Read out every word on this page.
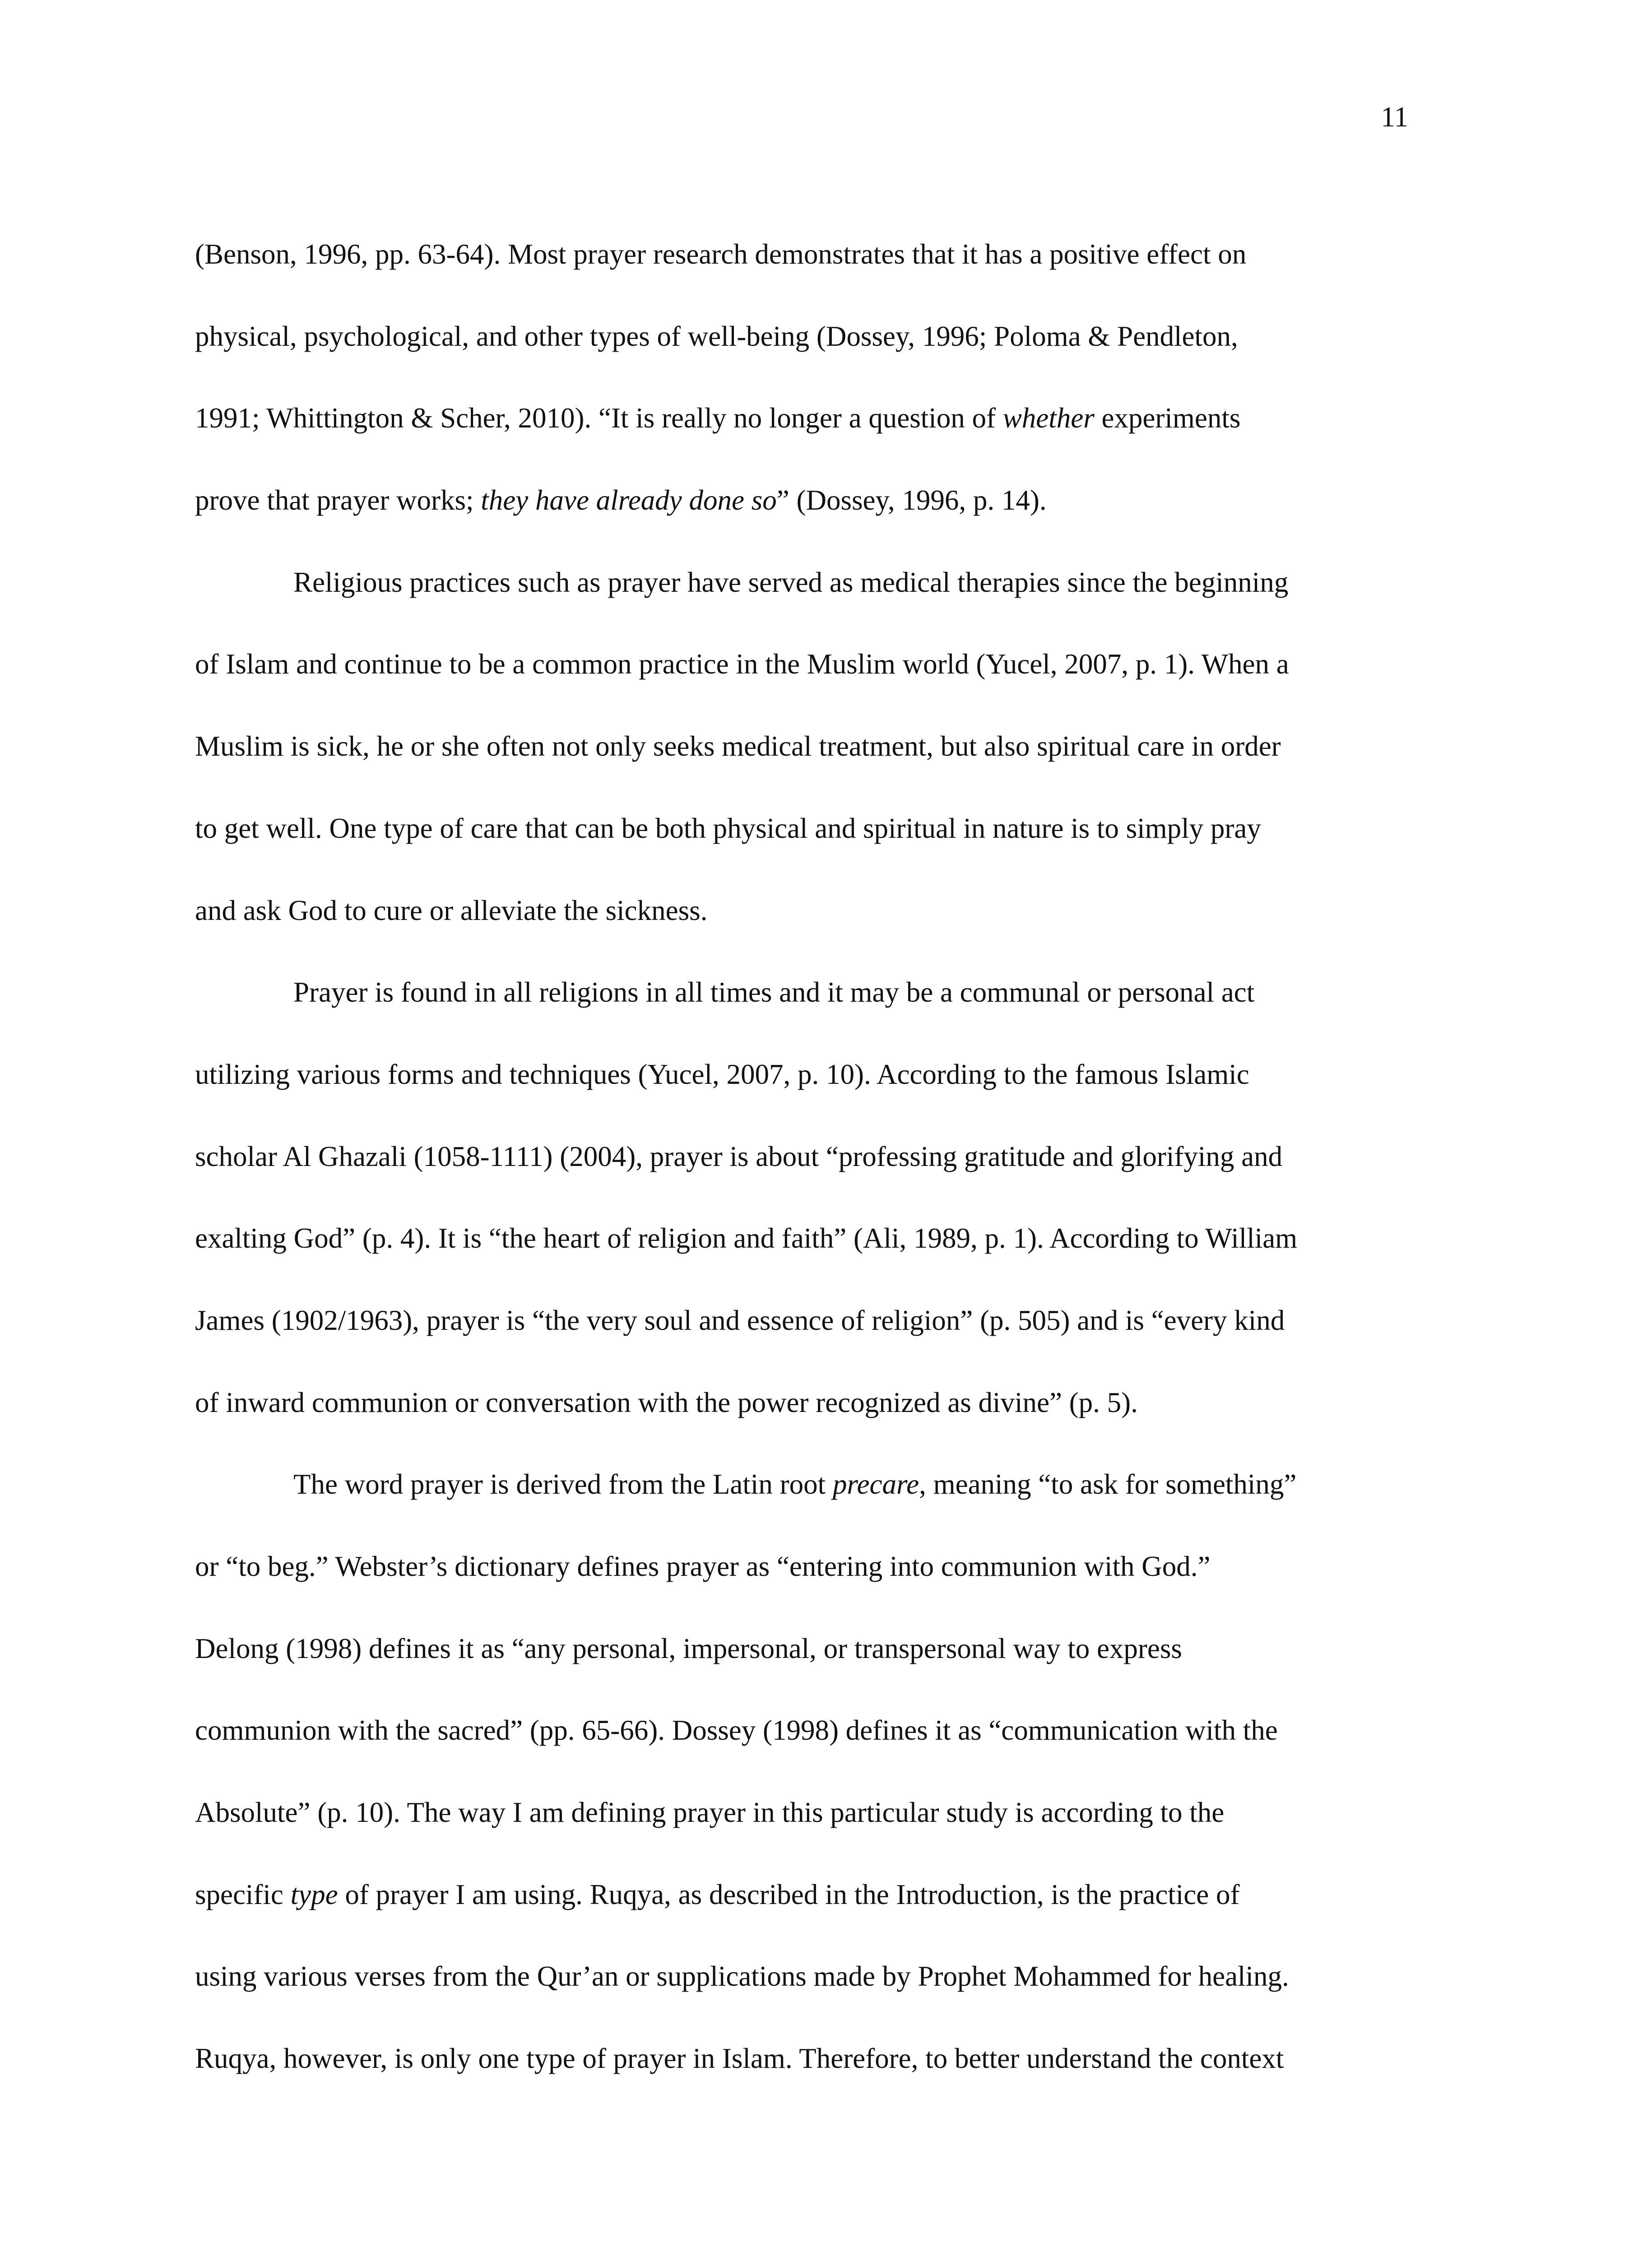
11
(Benson, 1996, pp. 63-64). Most prayer research demonstrates that it has a positive effect on
physical, psychological, and other types of well-being (Dossey, 1996; Poloma & Pendleton,
1991; Whittington & Scher, 2010). “It is really no longer a question of whether experiments
prove that prayer works; they have already done so” (Dossey, 1996, p. 14).
Religious practices such as prayer have served as medical therapies since the beginning
of Islam and continue to be a common practice in the Muslim world (Yucel, 2007, p. 1). When a
Muslim is sick, he or she often not only seeks medical treatment, but also spiritual care in order
to get well. One type of care that can be both physical and spiritual in nature is to simply pray
and ask God to cure or alleviate the sickness.
Prayer is found in all religions in all times and it may be a communal or personal act
utilizing various forms and techniques (Yucel, 2007, p. 10). According to the famous Islamic
scholar Al Ghazali (1058-1111) (2004), prayer is about “professing gratitude and glorifying and
exalting God” (p. 4). It is “the heart of religion and faith” (Ali, 1989, p. 1). According to William
James (1902/1963), prayer is “the very soul and essence of religion” (p. 505) and is “every kind
of inward communion or conversation with the power recognized as divine” (p. 5).
The word prayer is derived from the Latin root precare, meaning “to ask for something”
or “to beg.” Webster’s dictionary defines prayer as “entering into communion with God.”
Delong (1998) defines it as “any personal, impersonal, or transpersonal way to express
communion with the sacred” (pp. 65-66). Dossey (1998) defines it as “communication with the
Absolute” (p. 10). The way I am defining prayer in this particular study is according to the
specific type of prayer I am using. Ruqya, as described in the Introduction, is the practice of
using various verses from the Qur’an or supplications made by Prophet Mohammed for healing.
Ruqya, however, is only one type of prayer in Islam. Therefore, to better understand the context
